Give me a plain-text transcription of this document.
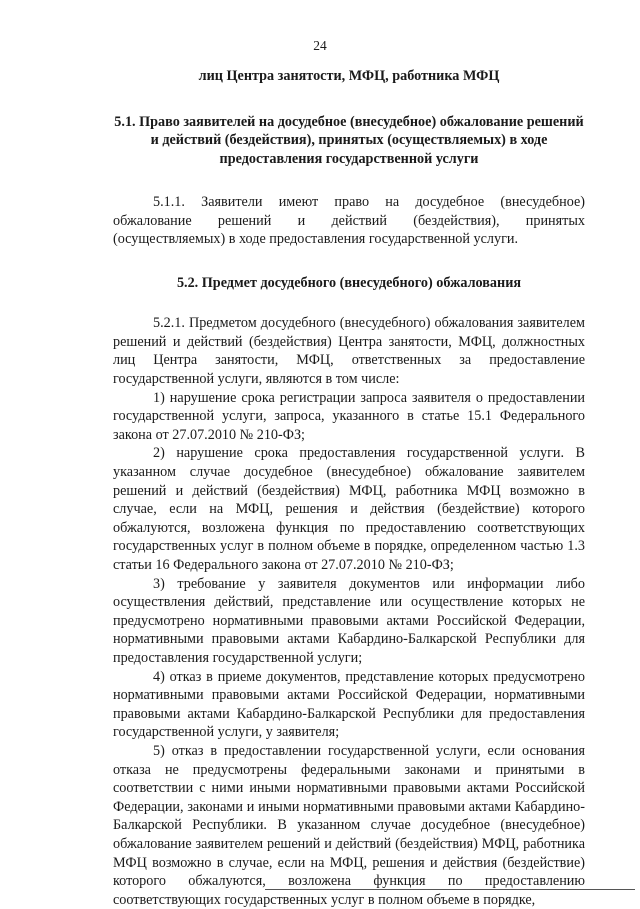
24

лиц Центра занятости, МФЦ, работника МФЦ

5.1. Право заявителей на досудебное (внесудебное) обжалование решений и действий (бездействия), принятых (осуществляемых) в ходе предоставления государственной услуги

5.1.1. Заявители имеют право на досудебное (внесудебное) обжалование решений и действий (бездействия), принятых (осуществляемых) в ходе предоставления государственной услуги.

5.2. Предмет досудебного (внесудебного) обжалования

5.2.1. Предметом досудебного (внесудебного) обжалования заявителем решений и действий (бездействия) Центра занятости, МФЦ, должностных лиц Центра занятости, МФЦ, ответственных за предоставление государственной услуги, являются в том числе:

1) нарушение срока регистрации запроса заявителя о предоставлении государственной услуги, запроса, указанного в статье 15.1 Федерального закона от 27.07.2010 № 210-ФЗ;

2) нарушение срока предоставления государственной услуги. В указанном случае досудебное (внесудебное) обжалование заявителем решений и действий (бездействия) МФЦ, работника МФЦ возможно в случае, если на МФЦ, решения и действия (бездействие) которого обжалуются, возложена функция по предоставлению соответствующих государственных услуг в полном объеме в порядке, определенном частью 1.3 статьи 16 Федерального закона от 27.07.2010 № 210-ФЗ;

3) требование у заявителя документов или информации либо осуществления действий, представление или осуществление которых не предусмотрено нормативными правовыми актами Российской Федерации, нормативными правовыми актами Кабардино-Балкарской Республики для предоставления государственной услуги;

4) отказ в приеме документов, представление которых предусмотрено нормативными правовыми актами Российской Федерации, нормативными правовыми актами Кабардино-Балкарской Республики для предоставления государственной услуги, у заявителя;

5) отказ в предоставлении государственной услуги, если основания отказа не предусмотрены федеральными законами и принятыми в соответствии с ними иными нормативными правовыми актами Российской Федерации, законами и иными нормативными правовыми актами Кабардино-Балкарской Республики. В указанном случае досудебное (внесудебное) обжалование заявителем решений и действий (бездействия) МФЦ, работника МФЦ возможно в случае, если на МФЦ, решения и действия (бездействие) которого обжалуются, возложена функция по предоставлению соответствующих государственных услуг в полном объеме в порядке,
